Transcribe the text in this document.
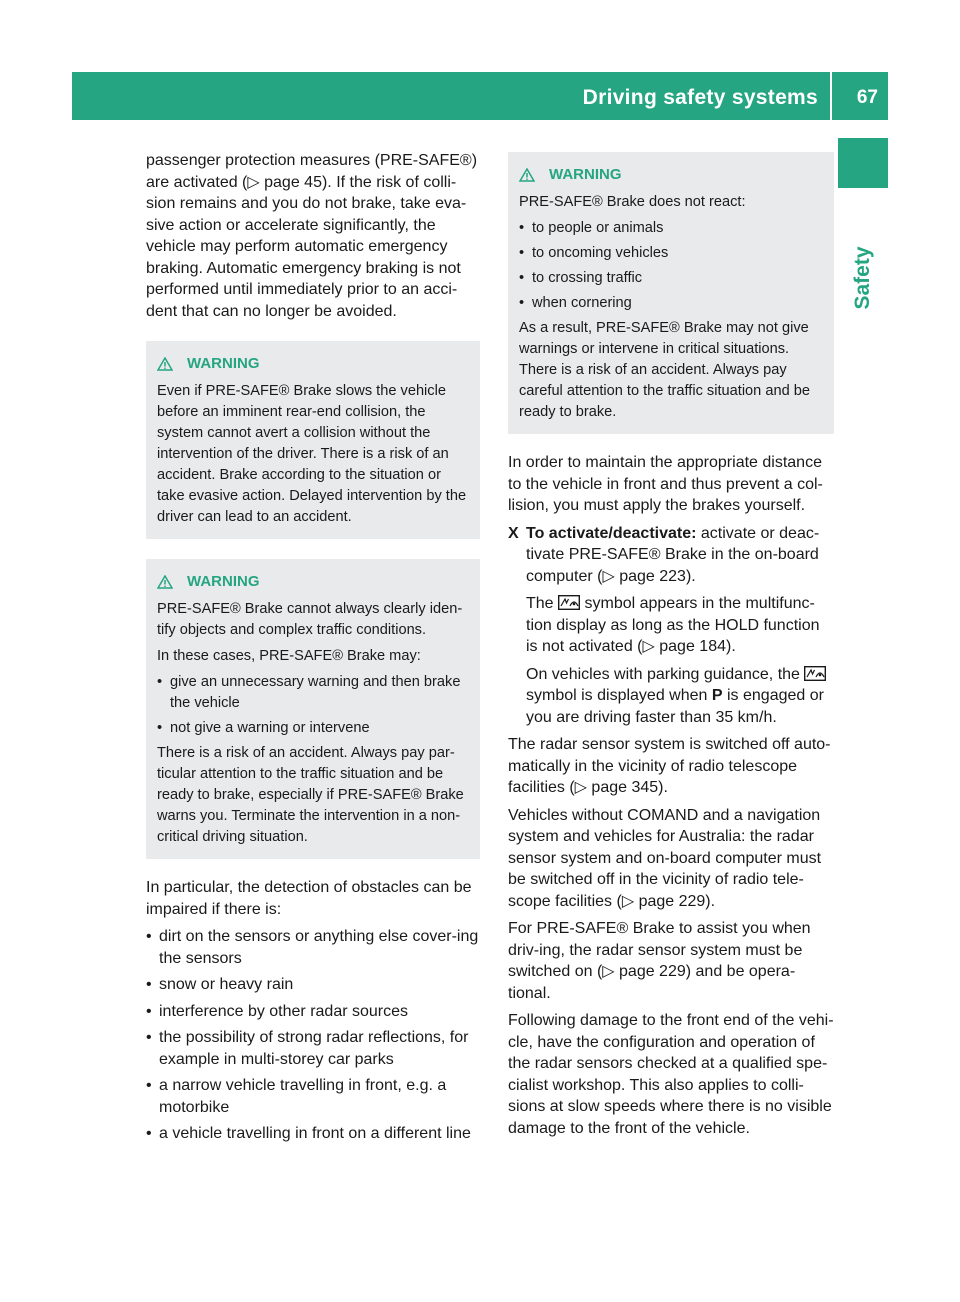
Driving safety systems 67
Safety

passenger protection measures (PRE-SAFE®) are activated (▷ page 45). If the risk of colli-sion remains and you do not brake, take eva-sive action or accelerate significantly, the vehicle may perform automatic emergency braking. Automatic emergency braking is not performed until immediately prior to an acci-dent that can no longer be avoided.

WARNING

Even if PRE-SAFE® Brake slows the vehicle before an imminent rear-end collision, the system cannot avert a collision without the intervention of the driver. There is a risk of an accident. Brake according to the situation or take evasive action. Delayed intervention by the driver can lead to an accident.

WARNING

PRE-SAFE® Brake cannot always clearly iden-tify objects and complex traffic conditions.

In these cases, PRE-SAFE® Brake may:

• give an unnecessary warning and then brake the vehicle
• not give a warning or intervene

There is a risk of an accident. Always pay par-ticular attention to the traffic situation and be ready to brake, especially if PRE-SAFE® Brake warns you. Terminate the intervention in a non-critical driving situation.

In particular, the detection of obstacles can be impaired if there is:

• dirt on the sensors or anything else cover-ing the sensors
• snow or heavy rain
• interference by other radar sources
• the possibility of strong radar reflections, for example in multi-storey car parks
• a narrow vehicle travelling in front, e.g. a motorbike
• a vehicle travelling in front on a different line
WARNING

PRE-SAFE® Brake does not react:

• to people or animals
• to oncoming vehicles
• to crossing traffic
• when cornering

As a result, PRE-SAFE® Brake may not give warnings or intervene in critical situations. There is a risk of an accident. Always pay careful attention to the traffic situation and be ready to brake.

In order to maintain the appropriate distance to the vehicle in front and thus prevent a col-lision, you must apply the brakes yourself.

X To activate/deactivate: activate or deac-tivate PRE-SAFE® Brake in the on-board computer (▷ page 223).

The symbol appears in the multifunc-tion display as long as the HOLD function is not activated (▷ page 184).

On vehicles with parking guidance, the  symbol is displayed when P is engaged or you are driving faster than 35 km/h.

The radar sensor system is switched off auto-matically in the vicinity of radio telescope facilities (▷ page 345).

Vehicles without COMAND and a navigation system and vehicles for Australia: the radar sensor system and on-board computer must be switched off in the vicinity of radio tele-scope facilities (▷ page 229).

For PRE-SAFE® Brake to assist you when driv-ing, the radar sensor system must be switched on (▷ page 229) and be opera-tional.

Following damage to the front end of the vehi-cle, have the configuration and operation of the radar sensors checked at a qualified spe-cialist workshop. This also applies to colli-sions at slow speeds where there is no visible damage to the front of the vehicle.
